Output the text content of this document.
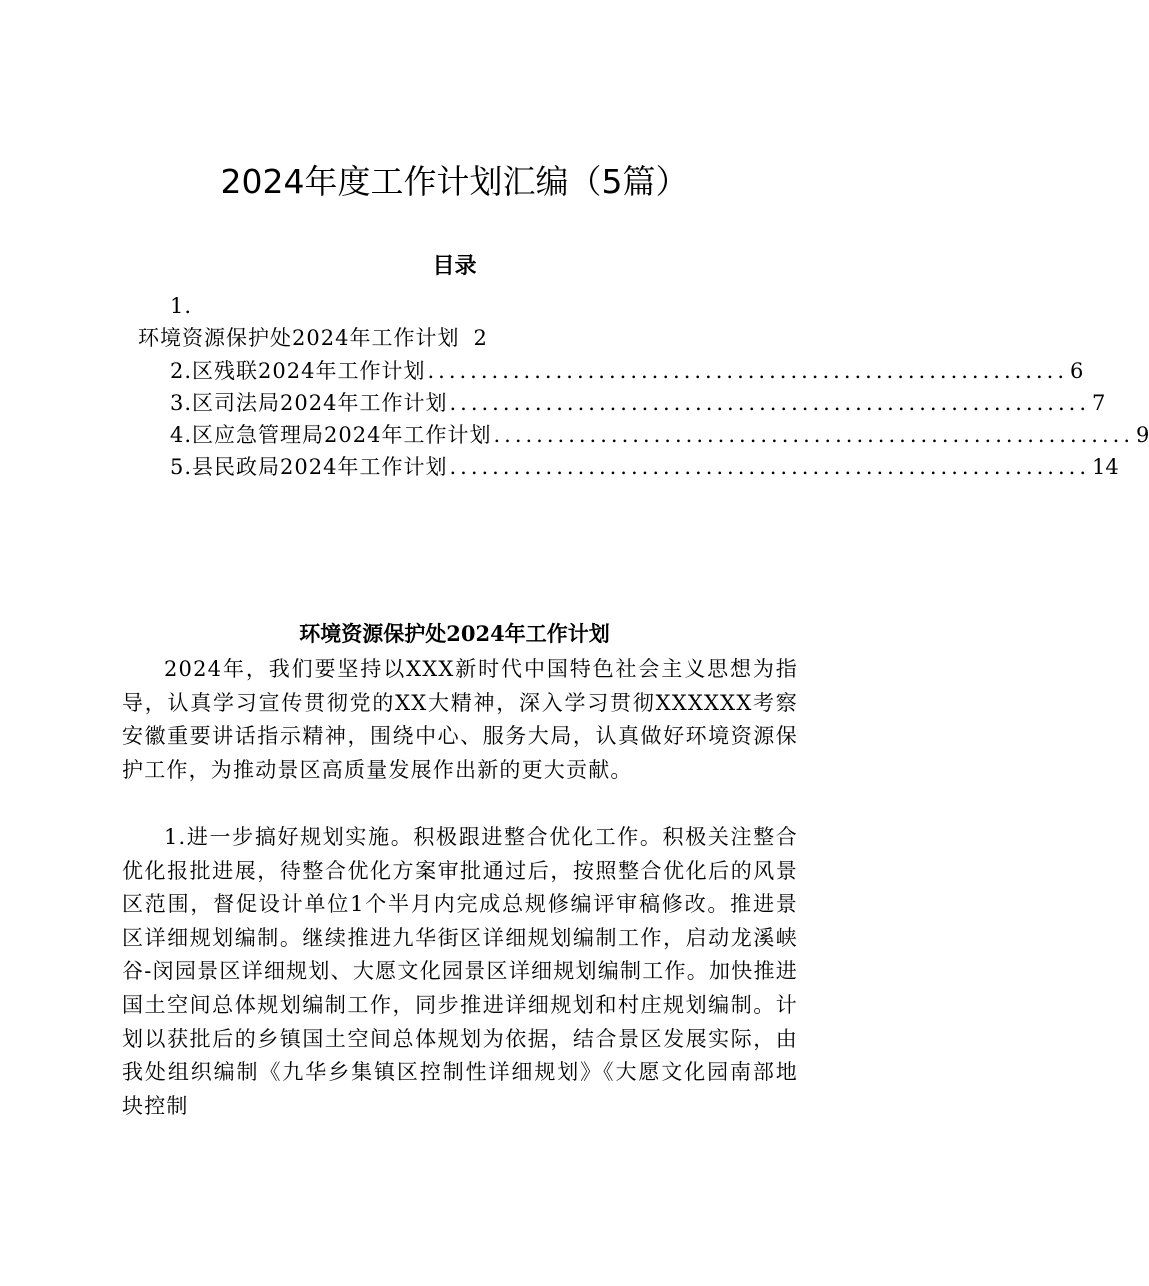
2024年度工作计划汇编（5篇）
目录
1.
环境资源保护处2024年工作计划 2
2.区残联2024年工作计划 ............................................................ 6
3.区司法局2024年工作计划 ............................................................ 7
4.区应急管理局2024年工作计划 ............................................................ 9
5.县民政局2024年工作计划 ............................................................ 14
环境资源保护处2024年工作计划

2024年，我们要坚持以XXX新时代中国特色社会主义思想为指导，认真学习宣传贯彻党的XX大精神，深入学习贯彻XXXXXX考察安徽重要讲话指示精神，围绕中心、服务大局，认真做好环境资源保护工作，为推动景区高质量发展作出新的更大贡献。

1.进一步搞好规划实施。积极跟进整合优化工作。积极关注整合优化报批进展，待整合优化方案审批通过后，按照整合优化后的风景区范围，督促设计单位1个半月内完成总规修编评审稿修改。推进景区详细规划编制。继续推进九华街区详细规划编制工作，启动龙溪峡谷-闵园景区详细规划、大愿文化园景区详细规划编制工作。加快推进国土空间总体规划编制工作，同步推进详细规划和村庄规划编制。计划以获批后的乡镇国土空间总体规划为依据，结合景区发展实际，由我处组织编制《九华乡集镇区控制性详细规划》《大愿文化园南部地块控制
